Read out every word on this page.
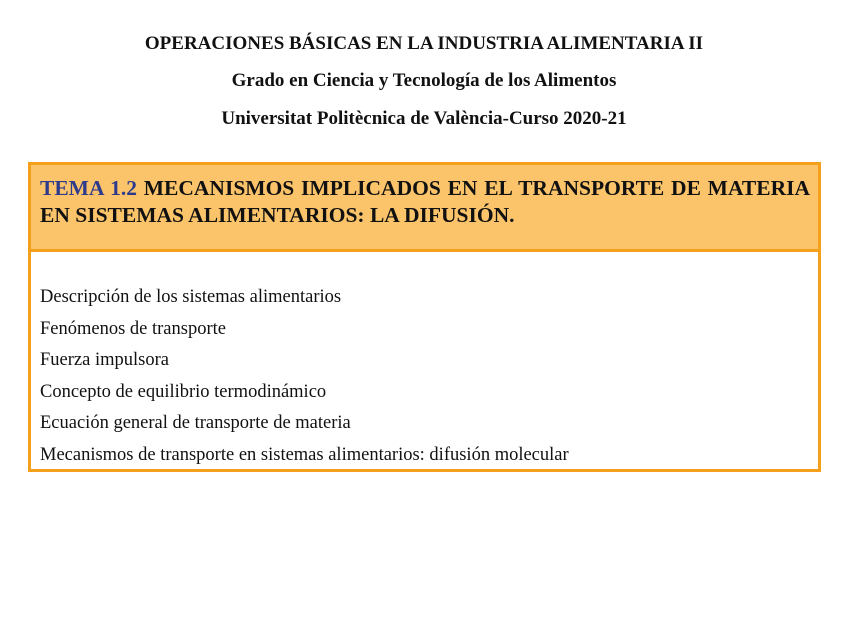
OPERACIONES BÁSICAS EN LA INDUSTRIA ALIMENTARIA II
Grado en Ciencia y Tecnología de los Alimentos
Universitat Politècnica de València-Curso 2020-21
TEMA 1.2 MECANISMOS IMPLICADOS EN EL TRANSPORTE DE MATERIA EN SISTEMAS ALIMENTARIOS: LA DIFUSIÓN.
Descripción de los sistemas alimentarios
Fenómenos de transporte
Fuerza impulsora
Concepto de equilibrio termodinámico
Ecuación general de transporte de materia
Mecanismos de transporte en sistemas alimentarios: difusión molecular
